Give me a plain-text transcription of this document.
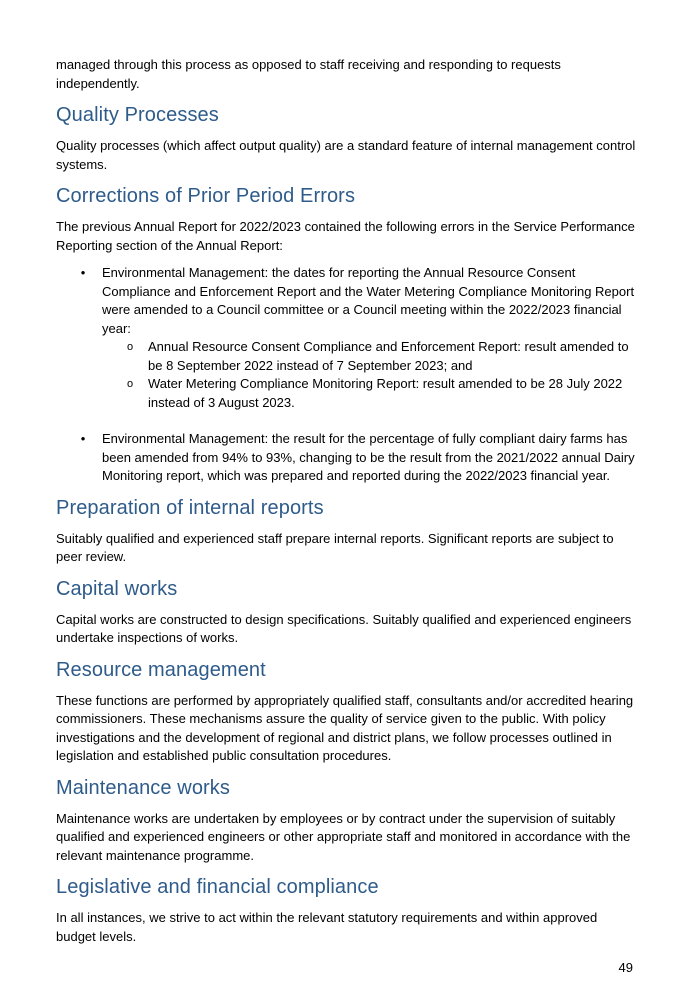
managed through this process as opposed to staff receiving and responding to requests independently.

Quality Processes

Quality processes (which affect output quality) are a standard feature of internal management control systems.

Corrections of Prior Period Errors

The previous Annual Report for 2022/2023 contained the following errors in the Service Performance Reporting section of the Annual Report:

• Environmental Management: the dates for reporting the Annual Resource Consent Compliance and Enforcement Report and the Water Metering Compliance Monitoring Report were amended to a Council committee or a Council meeting within the 2022/2023 financial year:
o Annual Resource Consent Compliance and Enforcement Report: result amended to be 8 September 2022 instead of 7 September 2023; and
o Water Metering Compliance Monitoring Report: result amended to be 28 July 2022 instead of 3 August 2023.
• Environmental Management: the result for the percentage of fully compliant dairy farms has been amended from 94% to 93%, changing to be the result from the 2021/2022 annual Dairy Monitoring report, which was prepared and reported during the 2022/2023 financial year.
Preparation of internal reports

Suitably qualified and experienced staff prepare internal reports. Significant reports are subject to peer review.

Capital works

Capital works are constructed to design specifications. Suitably qualified and experienced engineers undertake inspections of works.

Resource management

These functions are performed by appropriately qualified staff, consultants and/or accredited hearing commissioners. These mechanisms assure the quality of service given to the public. With policy investigations and the development of regional and district plans, we follow processes outlined in legislation and established public consultation procedures.

Maintenance works

Maintenance works are undertaken by employees or by contract under the supervision of suitably qualified and experienced engineers or other appropriate staff and monitored in accordance with the relevant maintenance programme.

Legislative and financial compliance

In all instances, we strive to act within the relevant statutory requirements and within approved budget levels.

49
